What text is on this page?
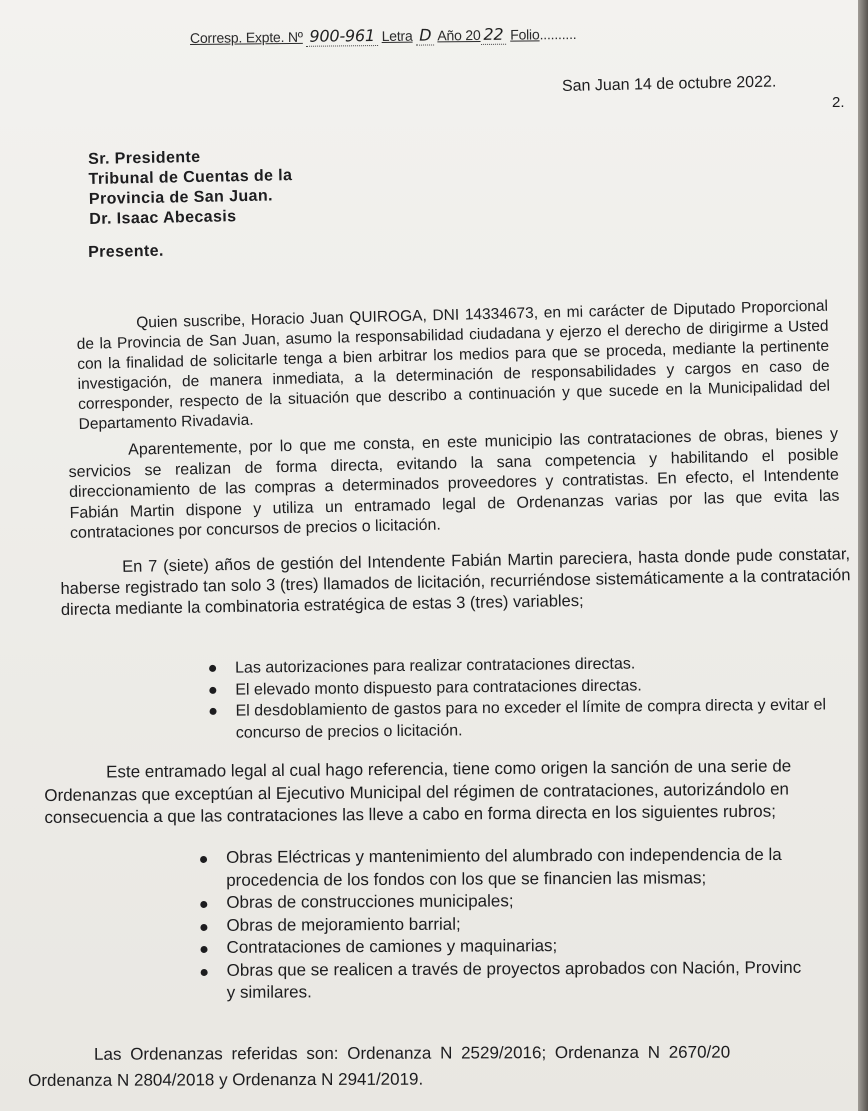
Corresp. Expte. Nº 900-961 Letra D Año 20 22 Folio..........
San Juan 14 de octubre 2022.
2.
Sr. Presidente
Tribunal de Cuentas de la
Provincia de San Juan.
Dr. Isaac Abecasis
Presente.
Quien suscribe, Horacio Juan QUIROGA, DNI 14334673, en mi carácter de Diputado Proporcional de la Provincia de San Juan, asumo la responsabilidad ciudadana y ejerzo el derecho de dirigirme a Usted con la finalidad de solicitarle tenga a bien arbitrar los medios para que se proceda, mediante la pertinente investigación, de manera inmediata, a la determinación de responsabilidades y cargos en caso de corresponder, respecto de la situación que describo a continuación y que sucede en la Municipalidad del Departamento Rivadavia.
Aparentemente, por lo que me consta, en este municipio las contrataciones de obras, bienes y servicios se realizan de forma directa, evitando la sana competencia y habilitando el posible direccionamiento de las compras a determinados proveedores y contratistas. En efecto, el Intendente Fabián Martin dispone y utiliza un entramado legal de Ordenanzas varias por las que evita las contrataciones por concursos de precios o licitación.
En 7 (siete) años de gestión del Intendente Fabián Martin pareciera, hasta donde pude constatar, haberse registrado tan solo 3 (tres) llamados de licitación, recurriéndose sistemáticamente a la contratación directa mediante la combinatoria estratégica de estas 3 (tres) variables;
Las autorizaciones para realizar contrataciones directas.
El elevado monto dispuesto para contrataciones directas.
El desdoblamiento de gastos para no exceder el límite de compra directa y evitar el concurso de precios o licitación.
Este entramado legal al cual hago referencia, tiene como origen la sanción de una serie de
Ordenanzas que exceptúan al Ejecutivo Municipal del régimen de contrataciones, autorizándolo en
consecuencia a que las contrataciones las lleve a cabo en forma directa en los siguientes rubros;
Obras Eléctricas y mantenimiento del alumbrado con independencia de la
procedencia de los fondos con los que se financien las mismas;
Obras de construcciones municipales;
Obras de mejoramiento barrial;
Contrataciones de camiones y maquinarias;
Obras que se realicen a través de proyectos aprobados con Nación, Provinc
y similares.
Las Ordenanzas referidas son: Ordenanza N 2529/2016; Ordenanza N 2670/20
Ordenanza N 2804/2018 y Ordenanza N 2941/2019.
